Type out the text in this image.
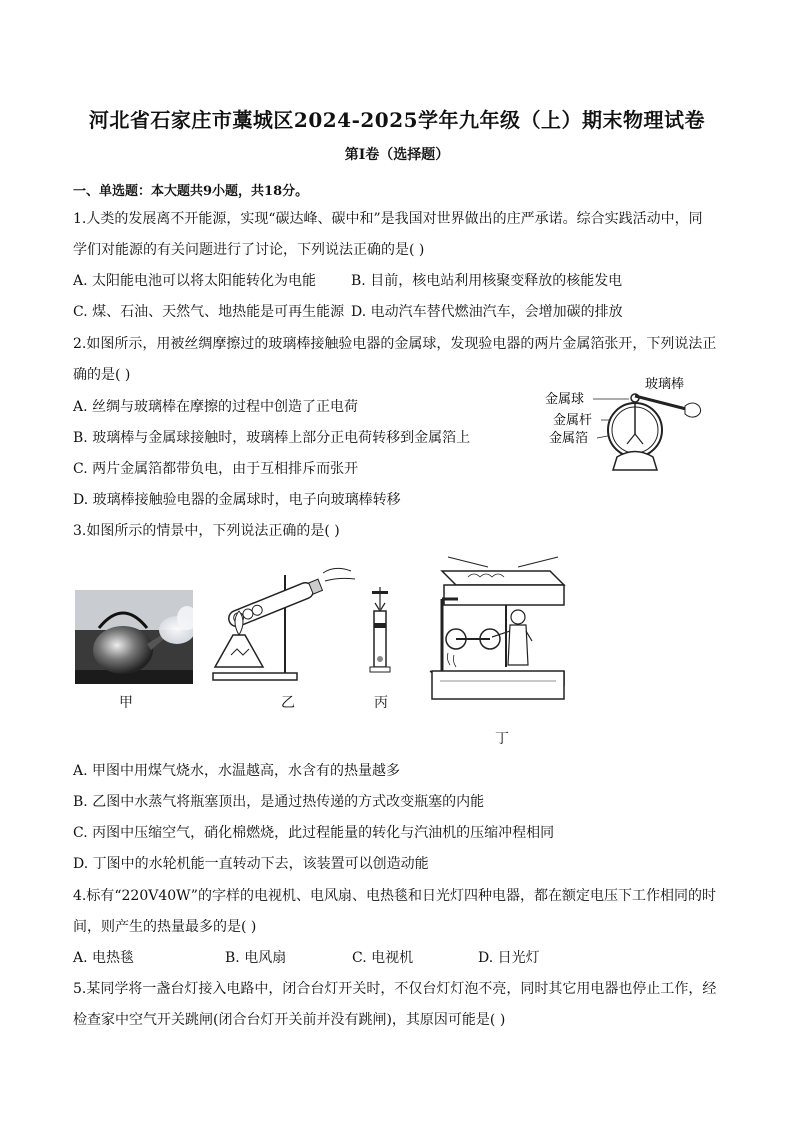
河北省石家庄市藁城区2024-2025学年九年级（上）期末物理试卷
第Ⅰ卷（选择题）
一、单选题：本大题共9小题，共18分。
1.人类的发展离不开能源，实现“碳达峰、碳中和”是我国对世界做出的庄严承诺。综合实践活动中，同
学们对能源的有关问题进行了讨论，下列说法正确的是( )
A. 太阳能电池可以将太阳能转化为电能 B. 目前，核电站利用核聚变释放的核能发电
C. 煤、石油、天然气、地热能是可再生能源 D. 电动汽车替代燃油汽车，会增加碳的排放
2.如图所示，用被丝绸摩擦过的玻璃棒接触验电器的金属球，发现验电器的两片金属箔张开，下列说法正
确的是( )
A. 丝绸与玻璃棒在摩擦的过程中创造了正电荷
B. 玻璃棒与金属球接触时，玻璃棒上部分正电荷转移到金属箔上
C. 两片金属箔都带负电，由于互相排斥而张开
D. 玻璃棒接触验电器的金属球时，电子向玻璃棒转移
玻璃棒
金属球
金属杆
金属箔
3.如图所示的情景中，下列说法正确的是( )
甲	乙	丙
丁
A. 甲图中用煤气烧水，水温越高，水含有的热量越多
B. 乙图中水蒸气将瓶塞顶出，是通过热传递的方式改变瓶塞的内能
C. 丙图中压缩空气，硝化棉燃烧，此过程能量的转化与汽油机的压缩冲程相同
D. 丁图中的水轮机能一直转动下去，该装置可以创造动能
4.标有“220V40W”的字样的电视机、电风扇、电热毯和日光灯四种电器，都在额定电压下工作相同的时
间，则产生的热量最多的是( )
A. 电热毯	B. 电风扇	C. 电视机	D. 日光灯
5.某同学将一盏台灯接入电路中，闭合台灯开关时，不仅台灯灯泡不亮，同时其它用电器也停止工作，经
检查家中空气开关跳闸(闭合台灯开关前并没有跳闸)，其原因可能是( )
